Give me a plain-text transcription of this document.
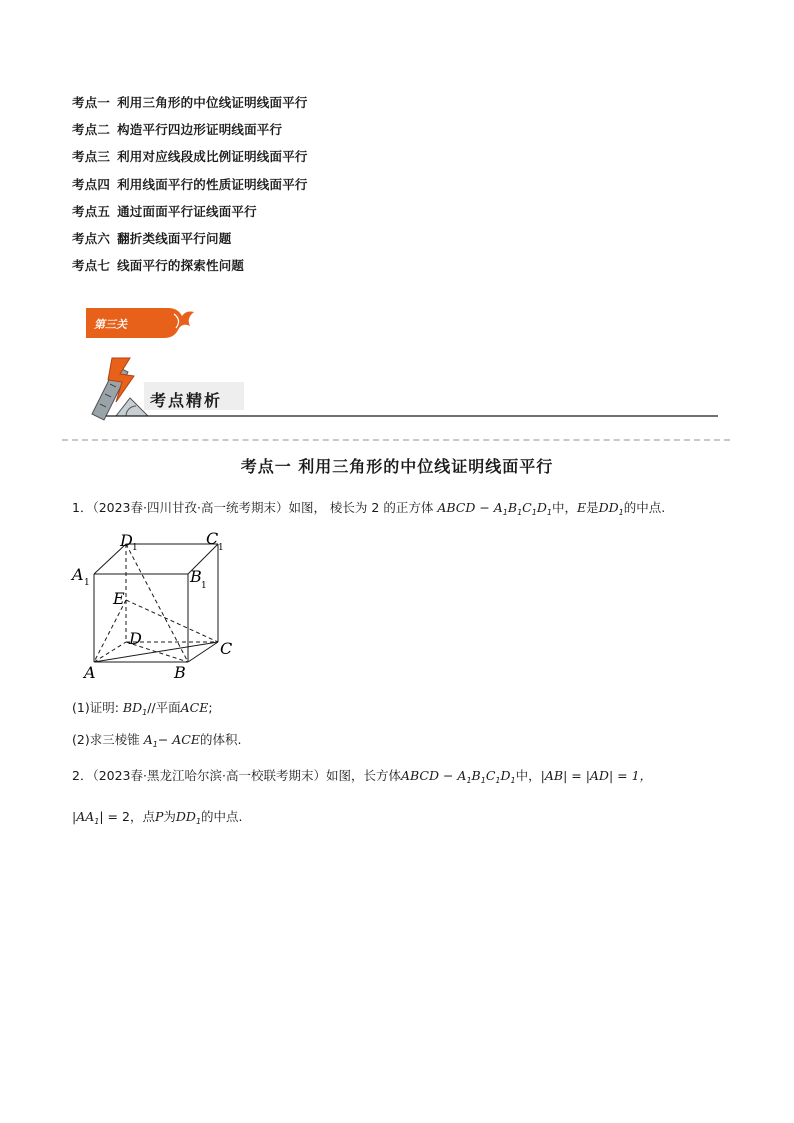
考点一 利用三角形的中位线证明线面平行
考点二 构造平行四边形证明线面平行
考点三 利用对应线段成比例证明线面平行
考点四 利用线面平行的性质证明线面平行
考点五 通过面面平行证线面平行
考点六 翻折类线面平行问题
考点七 线面平行的探索性问题
第三关
考点精析
考点一 利用三角形的中位线证明线面平行
1．（2023春·四川甘孜·高一统考期末）如图， 棱长为 2 的正方体 ABCD − $A_1B_1C_1D_1$中，E是$DD_1$的中点.
D 1	C 1
A 1	B 1
E
D
C
A	B
(1)证明: $BD_1//$平面ACE;
(2)求三棱锥 $A_1-$ ACE的体积.
2．（2023春·黑龙江哈尔滨·高一校联考期末）如图，长方体ABCD − $A_1B_1C_1D_1$中，|AB| = |AD| = 1，
$|AA_1| = 2$，点P为$DD_1$的中点.
